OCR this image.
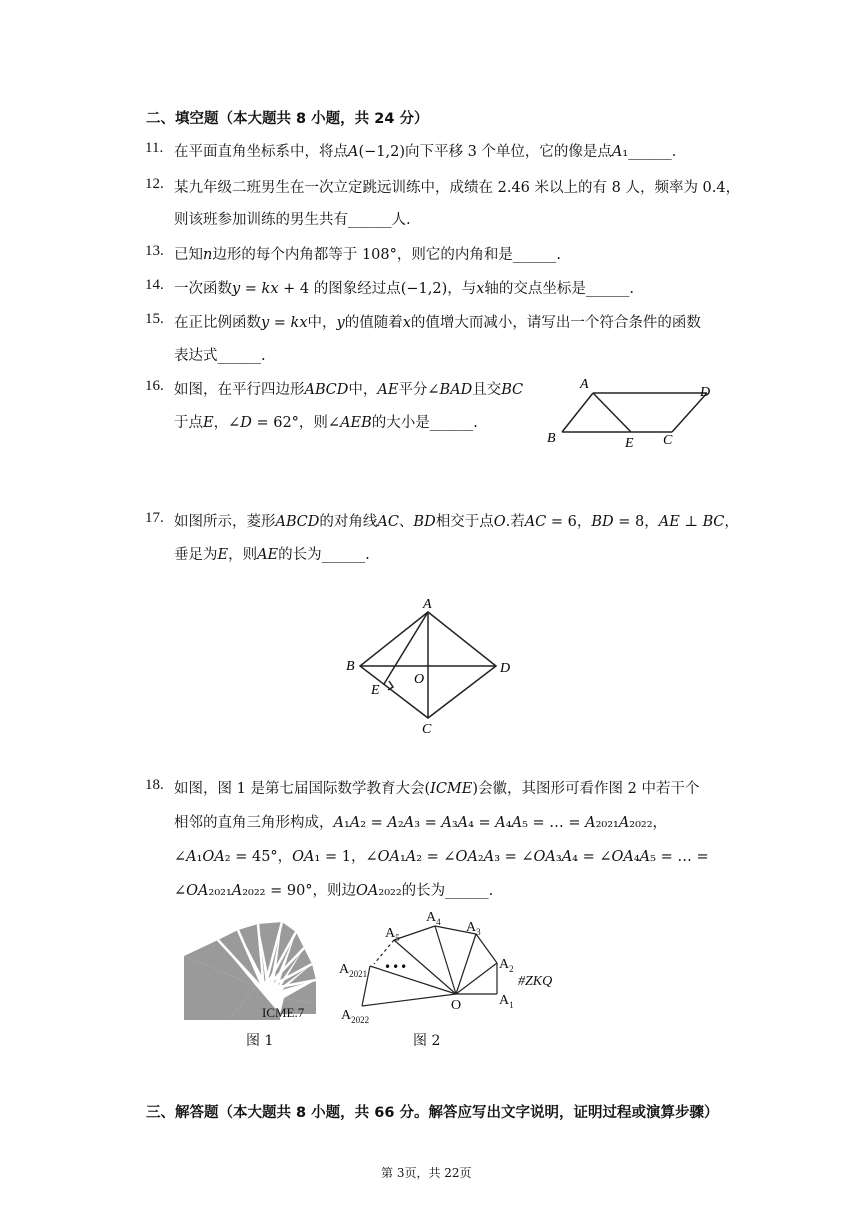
二、填空题（本大题共 8 小题，共 24 分）
11. 在平面直角坐标系中，将点𝐴(−1,2)向下平移 3 个单位，它的像是点𝐴₁______.
12. 某九年级二班男生在一次立定跳远训练中，成绩在 2.46 米以上的有 8 人，频率为 0.4，
则该班参加训练的男生共有______人.
13. 已知𝑛边形的每个内角都等于 108°，则它的内角和是______.
14. 一次函数𝑦 = 𝑘𝑥 + 4 的图象经过点(−1,2)，与𝑥轴的交点坐标是______.
15. 在正比例函数𝑦 = 𝑘𝑥中，𝑦的值随着𝑥的值增大而减小，请写出一个符合条件的函数
表达式______.
16. 如图，在平行四边形𝐴𝐵𝐶𝐷中，𝐴𝐸平分∠𝐵𝐴𝐷且交𝐵𝐶
于点𝐸，∠𝐷 = 62°，则∠𝐴𝐸𝐵的大小是______.
A
D
B	E C
17. 如图所示，菱形𝐴𝐵𝐶𝐷的对角线𝐴𝐶、𝐵𝐷相交于点𝑂.若𝐴𝐶 = 6，𝐵𝐷 = 8，𝐴𝐸 ⊥ 𝐵𝐶，
垂足为𝐸，则𝐴𝐸的长为______.
A
B	D
O
E
C
18. 如图，图 1 是第七届国际数学教育大会(𝐼𝐶𝑀𝐸)会徽，其图形可看作图 2 中若干个
相邻的直角三角形构成，𝐴₁𝐴₂ = 𝐴₂𝐴₃ = 𝐴₃𝐴₄ = 𝐴₄𝐴₅ = … = 𝐴₂₀₂₁𝐴₂₀₂₂，
∠𝐴₁𝑂𝐴₂ = 45°，𝑂𝐴₁ = 1，∠𝑂𝐴₁𝐴₂ = ∠𝑂𝐴₂𝐴₃ = ∠𝑂𝐴₃𝐴₄ = ∠𝑂𝐴₄𝐴₅ = … =
∠𝑂𝐴₂₀₂₁𝐴₂₀₂₂ = 90°，则边𝑂𝐴₂₀₂₂的长为______.
ICME.7
图 1
•••
$A_1$
$A_2$
$A_3$
$A_4$
$A_5$
$A_{2021}$
$A_{2022}$
O
#ZKQ
图 2
三、解答题（本大题共 8 小题，共 66 分。解答应写出文字说明，证明过程或演算步骤）
第 3页，共 22页
